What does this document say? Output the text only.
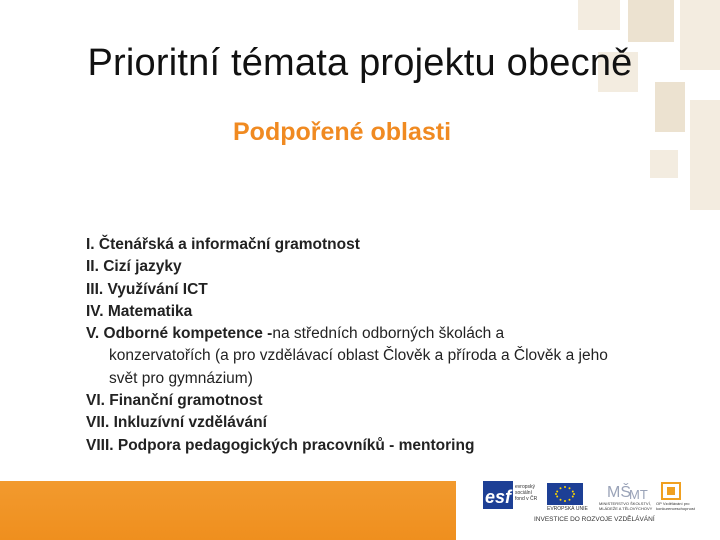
Prioritní témata projektu obecně
Podpořené oblasti
I. Čtenářská a informační gramotnost
II. Cizí jazyky
III. Využívání ICT
IV. Matematika
V. Odborné kompetence - na středních odborných školách a
konzervatořích (a pro vzdělávací oblast Člověk a příroda a Člověk a jeho
svět pro gymnázium)
VI. Finanční gramotnost
VII. Inkluzívní vzdělávání
VIII. Podpora pedagogických pracovníků - mentoring
esf evropský sociální fond v ČR
EVROPSKÁ UNIE
MŠ
MT
MINISTERSTVO ŠKOLSTVÍ, MLÁDEŽE A TĚLOVÝCHOVY
OP Vzdělávání pro konkurenceschopnost
INVESTICE DO ROZVOJE VZDĚLÁVÁNÍ
